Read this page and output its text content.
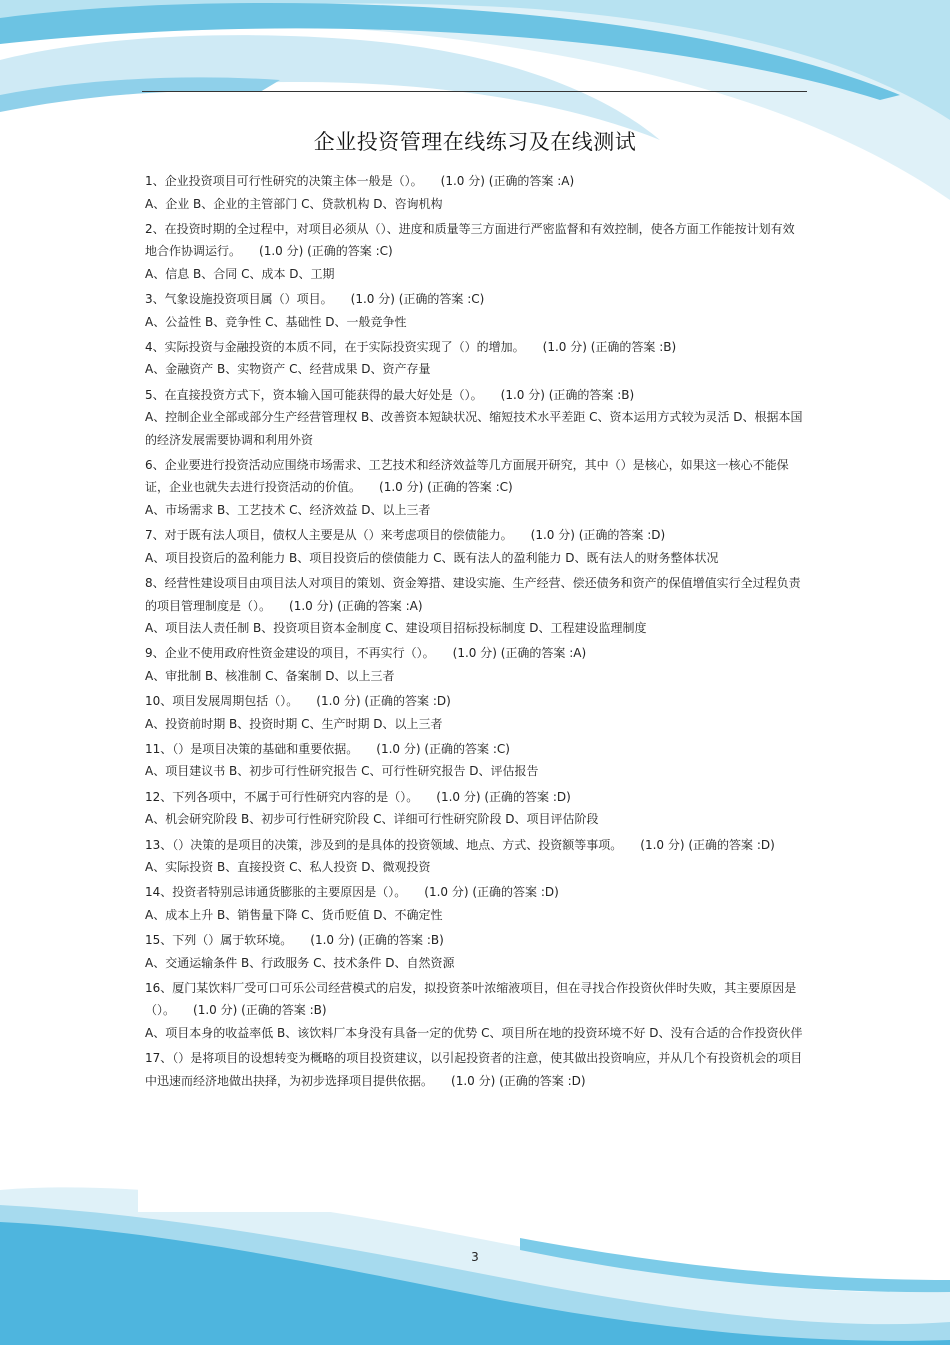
企业投资管理在线练习及在线测试
1、企业投资项目可行性研究的决策主体一般是（）。　　 (1.0 分) (正确的答案 :A)
A、企业 B、企业的主管部门 C、贷款机构 D、咨询机构
2、在投资时期的全过程中，对项目必须从（）、进度和质量等三方面进行严密监督和有效控制，使各方面工作能按计划有效地合作协调运行。　　 (1.0 分) (正确的答案 :C)
A、信息 B、合同 C、成本 D、工期
3、气象设施投资项目属（）项目。　　 (1.0 分) (正确的答案 :C)
A、公益性 B、竞争性 C、基础性 D、一般竞争性
4、实际投资与金融投资的本质不同，在于实际投资实现了（）的增加。　　 (1.0 分) (正确的答案 :B)
A、金融资产 B、实物资产 C、经营成果 D、资产存量
5、在直接投资方式下，资本输入国可能获得的最大好处是（）。　　 (1.0 分) (正确的答案 :B)
A、控制企业全部或部分生产经营管理权 B、改善资本短缺状况、缩短技术水平差距 C、资本运用方式较为灵活 D、根据本国的经济发展需要协调和利用外资
6、企业要进行投资活动应围绕市场需求、工艺技术和经济效益等几方面展开研究，其中（）是核心，如果这一核心不能保证，企业也就失去进行投资活动的价值。　　 (1.0 分) (正确的答案 :C)
A、市场需求 B、工艺技术 C、经济效益 D、以上三者
7、对于既有法人项目，债权人主要是从（）来考虑项目的偿债能力。　　 (1.0 分) (正确的答案 :D)
A、项目投资后的盈利能力 B、项目投资后的偿债能力 C、既有法人的盈利能力 D、既有法人的财务整体状况
8、经营性建设项目由项目法人对项目的策划、资金筹措、建设实施、生产经营、偿还债务和资产的保值增值实行全过程负责的项目管理制度是（）。　　 (1.0 分) (正确的答案 :A)
A、项目法人责任制 B、投资项目资本金制度 C、建设项目招标投标制度 D、工程建设监理制度
9、企业不使用政府性资金建设的项目，不再实行（）。　　 (1.0 分) (正确的答案 :A)
A、审批制 B、核准制 C、备案制 D、以上三者
10、项目发展周期包括（）。　　 (1.0 分) (正确的答案 :D)
A、投资前时期 B、投资时期 C、生产时期 D、以上三者
11、（）是项目决策的基础和重要依据。　　 (1.0 分) (正确的答案 :C)
A、项目建议书 B、初步可行性研究报告 C、可行性研究报告 D、评估报告
12、下列各项中，不属于可行性研究内容的是（）。　　 (1.0 分) (正确的答案 :D)
A、机会研究阶段 B、初步可行性研究阶段 C、详细可行性研究阶段 D、项目评估阶段
13、（）决策的是项目的决策，涉及到的是具体的投资领域、地点、方式、投资额等事项。　　 (1.0 分) (正确的答案 :D)
A、实际投资 B、直接投资 C、私人投资 D、微观投资
14、投资者特别忌讳通货膨胀的主要原因是（）。　　 (1.0 分) (正确的答案 :D)
A、成本上升 B、销售量下降 C、货币贬值 D、不确定性
15、下列（）属于软环境。　　 (1.0 分) (正确的答案 :B)
A、交通运输条件 B、行政服务 C、技术条件 D、自然资源
16、厦门某饮料厂受可口可乐公司经营模式的启发，拟投资茶叶浓缩液项目，但在寻找合作投资伙伴时失败，其主要原因是（）。　　 (1.0 分) (正确的答案 :B)
A、项目本身的收益率低 B、该饮料厂本身没有具备一定的优势 C、项目所在地的投资环境不好 D、没有合适的合作投资伙伴
17、（）是将项目的设想转变为概略的项目投资建议，以引起投资者的注意，使其做出投资响应，并从几个有投资机会的项目中迅速而经济地做出抉择，为初步选择项目提供依据。　　 (1.0 分) (正确的答案 :D)
3
